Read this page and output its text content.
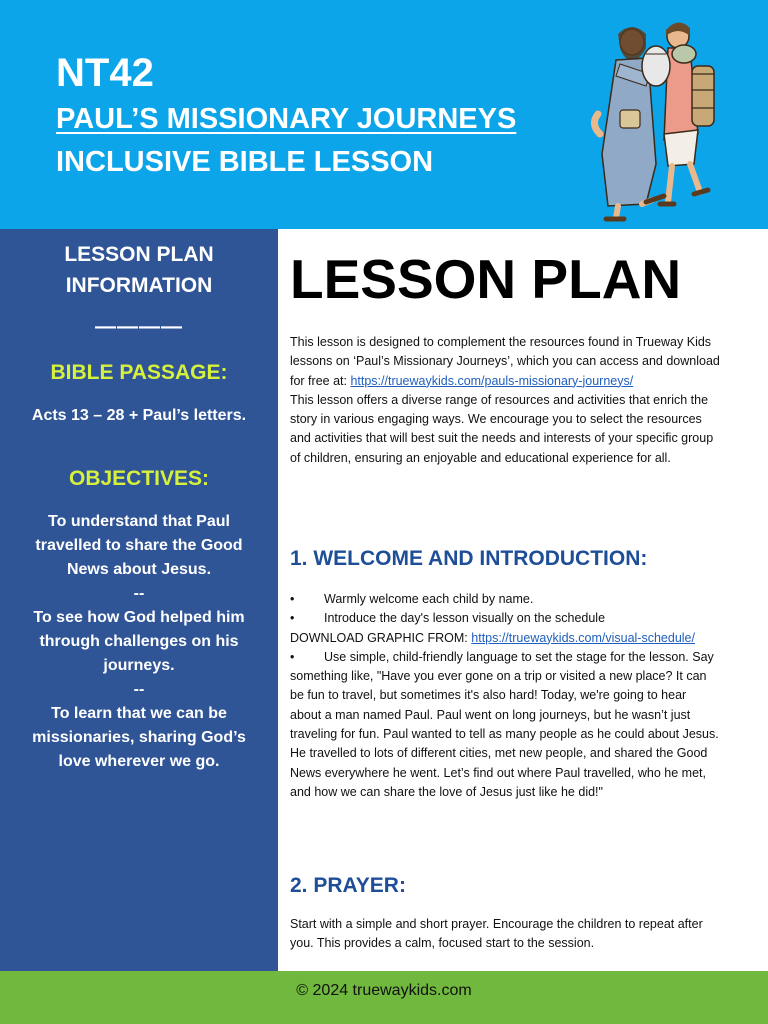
NT42
PAUL’S MISSIONARY JOURNEYS
INCLUSIVE BIBLE LESSON
LESSON PLAN
INFORMATION
————
BIBLE PASSAGE:
Acts 13 – 28 + Paul’s letters.
OBJECTIVES:
To understand that Paul travelled to share the Good News about Jesus.
--
To see how God helped him through challenges on his journeys.
--
To learn that we can be missionaries, sharing God’s love wherever we go.
LESSON PLAN
This lesson is designed to complement the resources found in Trueway Kids lessons on ‘Paul’s Missionary Journeys’, which you can access and download for free at: https://truewaykids.com/pauls-missionary-journeys/
This lesson offers a diverse range of resources and activities that enrich the story in various engaging ways. We encourage you to select the resources and activities that will best suit the needs and interests of your specific group of children, ensuring an enjoyable and educational experience for all.
1. WELCOME AND INTRODUCTION:
• Warmly welcome each child by name.
• Introduce the day's lesson visually on the schedule
DOWNLOAD GRAPHIC FROM: https://truewaykids.com/visual-schedule/
• Use simple, child-friendly language to set the stage for the lesson. Say something like, "Have you ever gone on a trip or visited a new place? It can be fun to travel, but sometimes it's also hard! Today, we're going to hear about a man named Paul. Paul went on long journeys, but he wasn’t just traveling for fun. Paul wanted to tell as many people as he could about Jesus. He travelled to lots of different cities, met new people, and shared the Good News everywhere he went. Let’s find out where Paul travelled, who he met, and how we can share the love of Jesus just like he did!"
2. PRAYER:
Start with a simple and short prayer. Encourage the children to repeat after you. This provides a calm, focused start to the session.
© 2024 truewaykids.com
